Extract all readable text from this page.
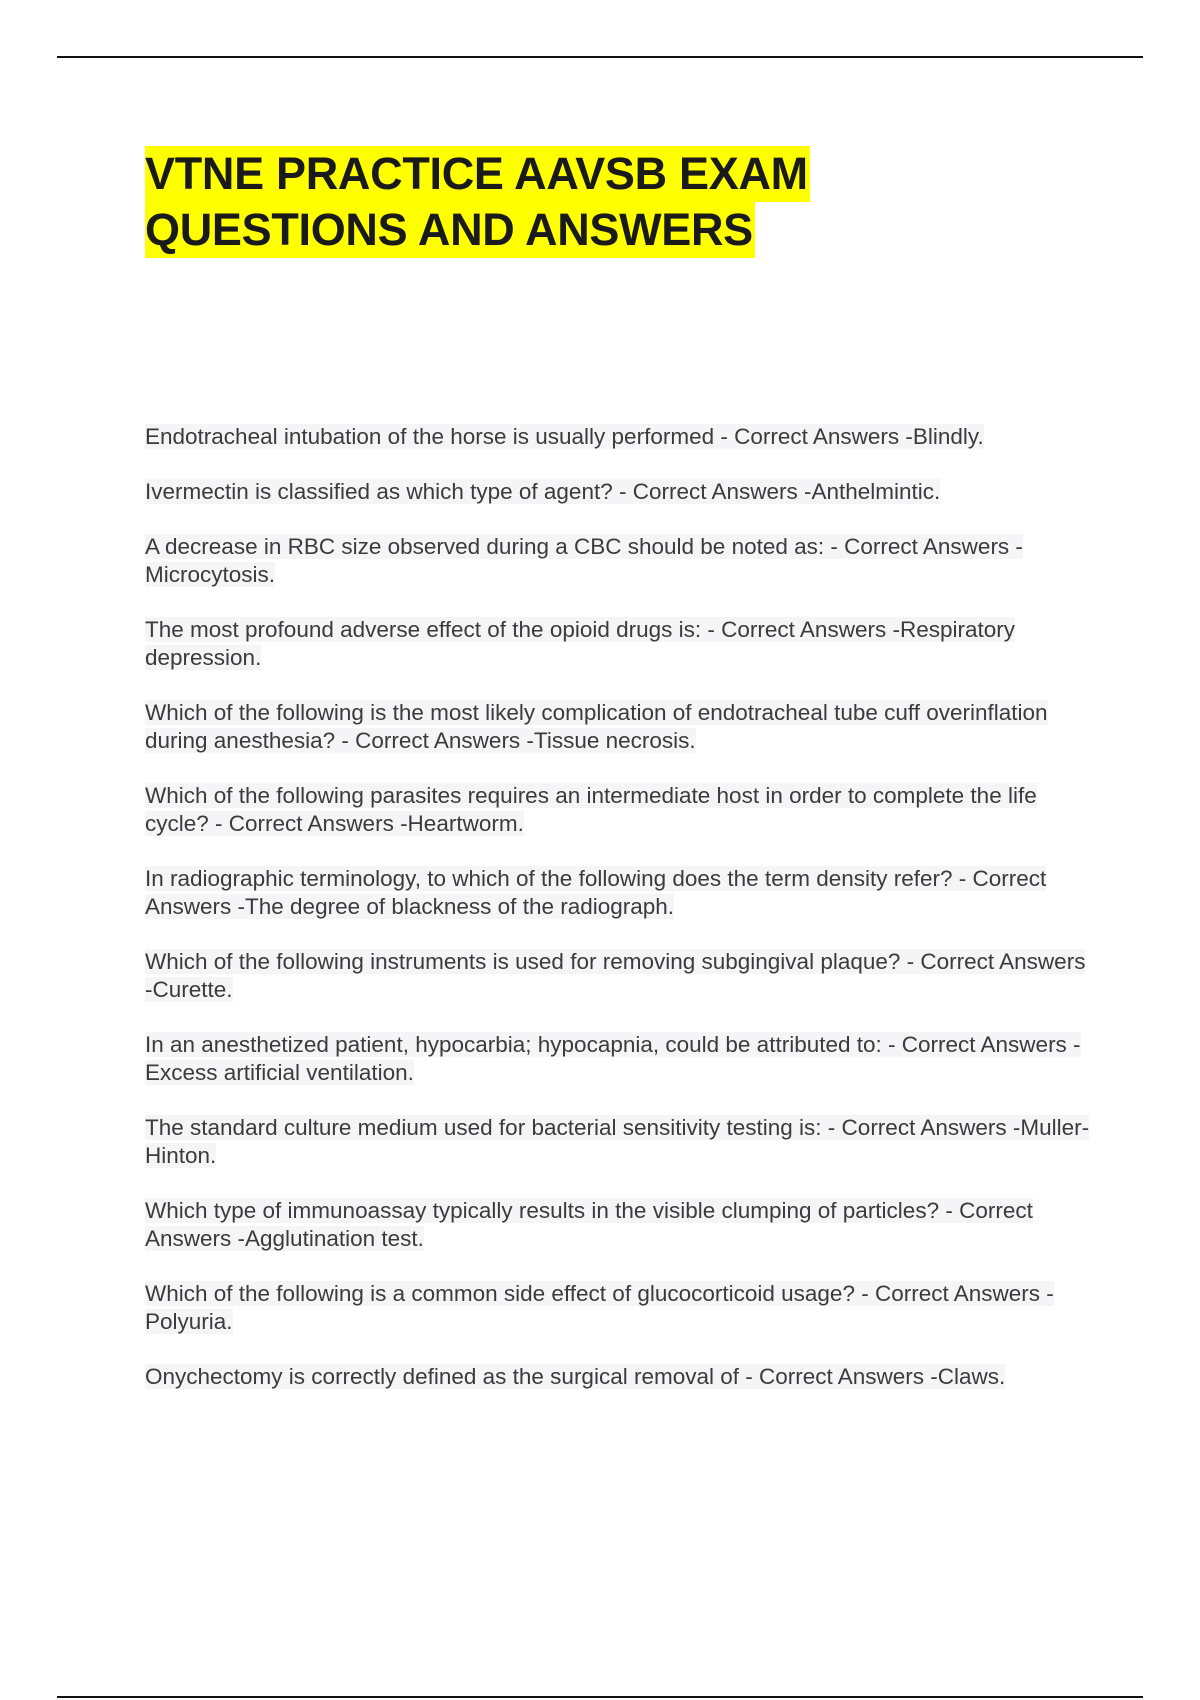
VTNE PRACTICE AAVSB EXAM
QUESTIONS AND ANSWERS
Endotracheal intubation of the horse is usually performed - Correct Answers -Blindly.
Ivermectin is classified as which type of agent? - Correct Answers -Anthelmintic.
A decrease in RBC size observed during a CBC should be noted as: - Correct Answers -Microcytosis.
The most profound adverse effect of the opioid drugs is: - Correct Answers -Respiratory depression.
Which of the following is the most likely complication of endotracheal tube cuff overinflation during anesthesia? - Correct Answers -Tissue necrosis.
Which of the following parasites requires an intermediate host in order to complete the life cycle? - Correct Answers -Heartworm.
In radiographic terminology, to which of the following does the term density refer? - Correct Answers -The degree of blackness of the radiograph.
Which of the following instruments is used for removing subgingival plaque? - Correct Answers -Curette.
In an anesthetized patient, hypocarbia; hypocapnia, could be attributed to: - Correct Answers -Excess artificial ventilation.
The standard culture medium used for bacterial sensitivity testing is: - Correct Answers -Muller-Hinton.
Which type of immunoassay typically results in the visible clumping of particles? - Correct Answers -Agglutination test.
Which of the following is a common side effect of glucocorticoid usage? - Correct Answers -Polyuria.
Onychectomy is correctly defined as the surgical removal of - Correct Answers -Claws.
